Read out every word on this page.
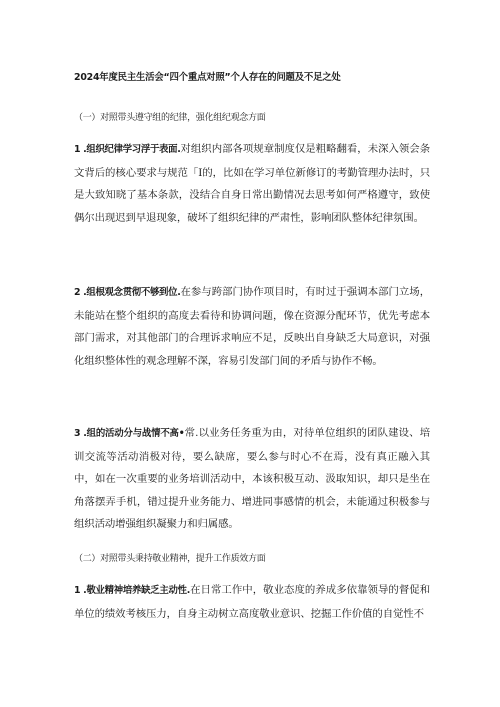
2024年度民主生活会“四个重点对照”个人存在的问题及不足之处
（一）对照带头遵守组的纪律，强化组纪观念方面
1 .组织纪律学习浮于表面.对组织内部各项规章制度仅是粗略翻看，未深入领会条文背后的核心要求与规范「I的，比如在学习单位新修订的考勤管理办法时，只是大致知晓了基本条款，没结合自身日常出勤情况去思考如何严格遵守，致使偶尔出现迟到早退现象，破坏了组织纪律的严肃性，影响团队整体纪律氛围。
2 .组根观念贯彻不够到位.在参与跨部门协作项目时，有时过于强调本部门立场，未能站在整个组织的高度去看待和协调问题，像在资源分配环节，优先考虑本部门需求，对其他部门的合理诉求响应不足，反映出自身缺乏大局意识，对强化组织整体性的观念理解不深，容易引发部门间的矛盾与协作不畅。
3 .组的活动分与战情不高•常.以业务任务重为由，对待单位组织的团队建设、培训交流等活动消极对待，要么缺席，要么参与时心不在焉，没有真正融入其中，如在一次重要的业务培训活动中，本该积极互动、汲取知识，却只是坐在角落摆弄手机，错过提升业务能力、增进同事感情的机会，未能通过积极参与组织活动增强组织凝聚力和归属感。
（二）对照带头秉持敬业精神，提升工作质效方面
1 .敬业精神培养缺乏主动性.在日常工作中，敬业态度的养成多依靠领导的督促和单位的绩效考核压力，自身主动树立高度敬业意识、挖掘工作价值的自觉性不
